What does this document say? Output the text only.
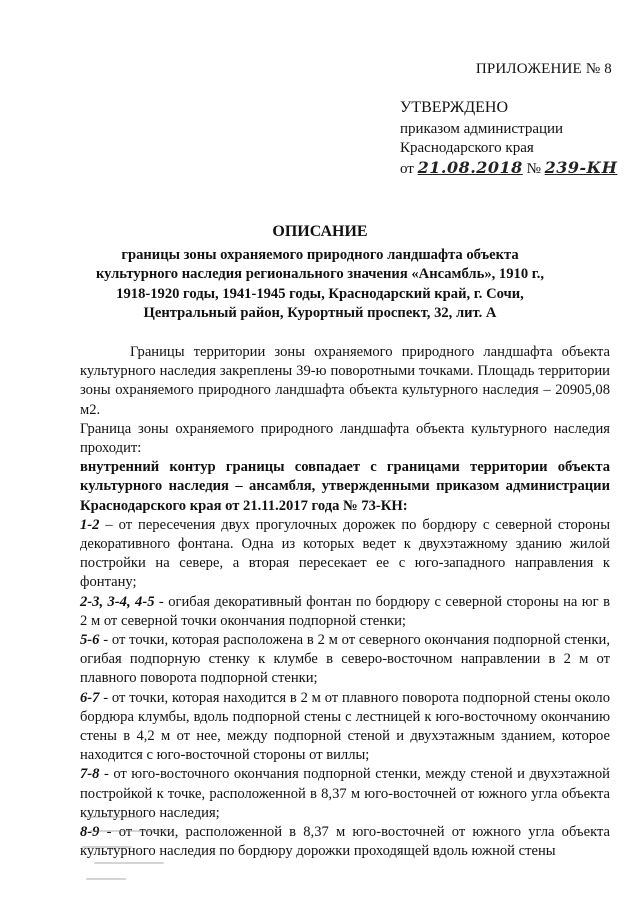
ПРИЛОЖЕНИЕ № 8
УТВЕРЖДЕНО
приказом администрации
Краснодарского края
от 21.08.2018 № 239-КН
ОПИСАНИЕ
границы зоны охраняемого природного ландшафта объекта культурного наследия регионального значения «Ансамбль», 1910 г., 1918-1920 годы, 1941-1945 годы, Краснодарский край, г. Сочи, Центральный район, Курортный проспект, 32, лит. А

Границы территории зоны охраняемого природного ландшафта объекта культурного наследия закреплены 39-ю поворотными точками. Площадь территории зоны охраняемого природного ландшафта объекта культурного наследия – 20905,08 м2.

Граница зоны охраняемого природного ландшафта объекта культурного наследия проходит:

внутренний контур границы совпадает с границами территории объекта культурного наследия – ансамбля, утвержденными приказом администрации Краснодарского края от 21.11.2017 года № 73-КН:

1-2 – от пересечения двух прогулочных дорожек по бордюру с северной стороны декоративного фонтана. Одна из которых ведет к двухэтажному зданию жилой постройки на севере, а вторая пересекает ее с юго-западного направления к фонтану;

2-3, 3-4, 4-5 - огибая декоративный фонтан по бордюру с северной стороны на юг в 2 м от северной точки окончания подпорной стенки;

5-6 - от точки, которая расположена в 2 м от северного окончания подпорной стенки, огибая подпорную стенку к клумбе в северо-восточном направлении в 2 м от плавного поворота подпорной стенки;

6-7 - от точки, которая находится в 2 м от плавного поворота подпорной стены около бордюра клумбы, вдоль подпорной стены с лестницей к юго-восточному окончанию стены в 4,2 м от нее, между подпорной стеной и двухэтажным зданием, которое находится с юго-восточной стороны от виллы;

7-8 - от юго-восточного окончания подпорной стенки, между стеной и двухэтажной постройкой к точке, расположенной в 8,37 м юго-восточней от южного угла объекта культурного наследия;

8-9 - от точки, расположенной в 8,37 м юго-восточней от южного угла объекта культурного наследия по бордюру дорожки проходящей вдоль южной стены
